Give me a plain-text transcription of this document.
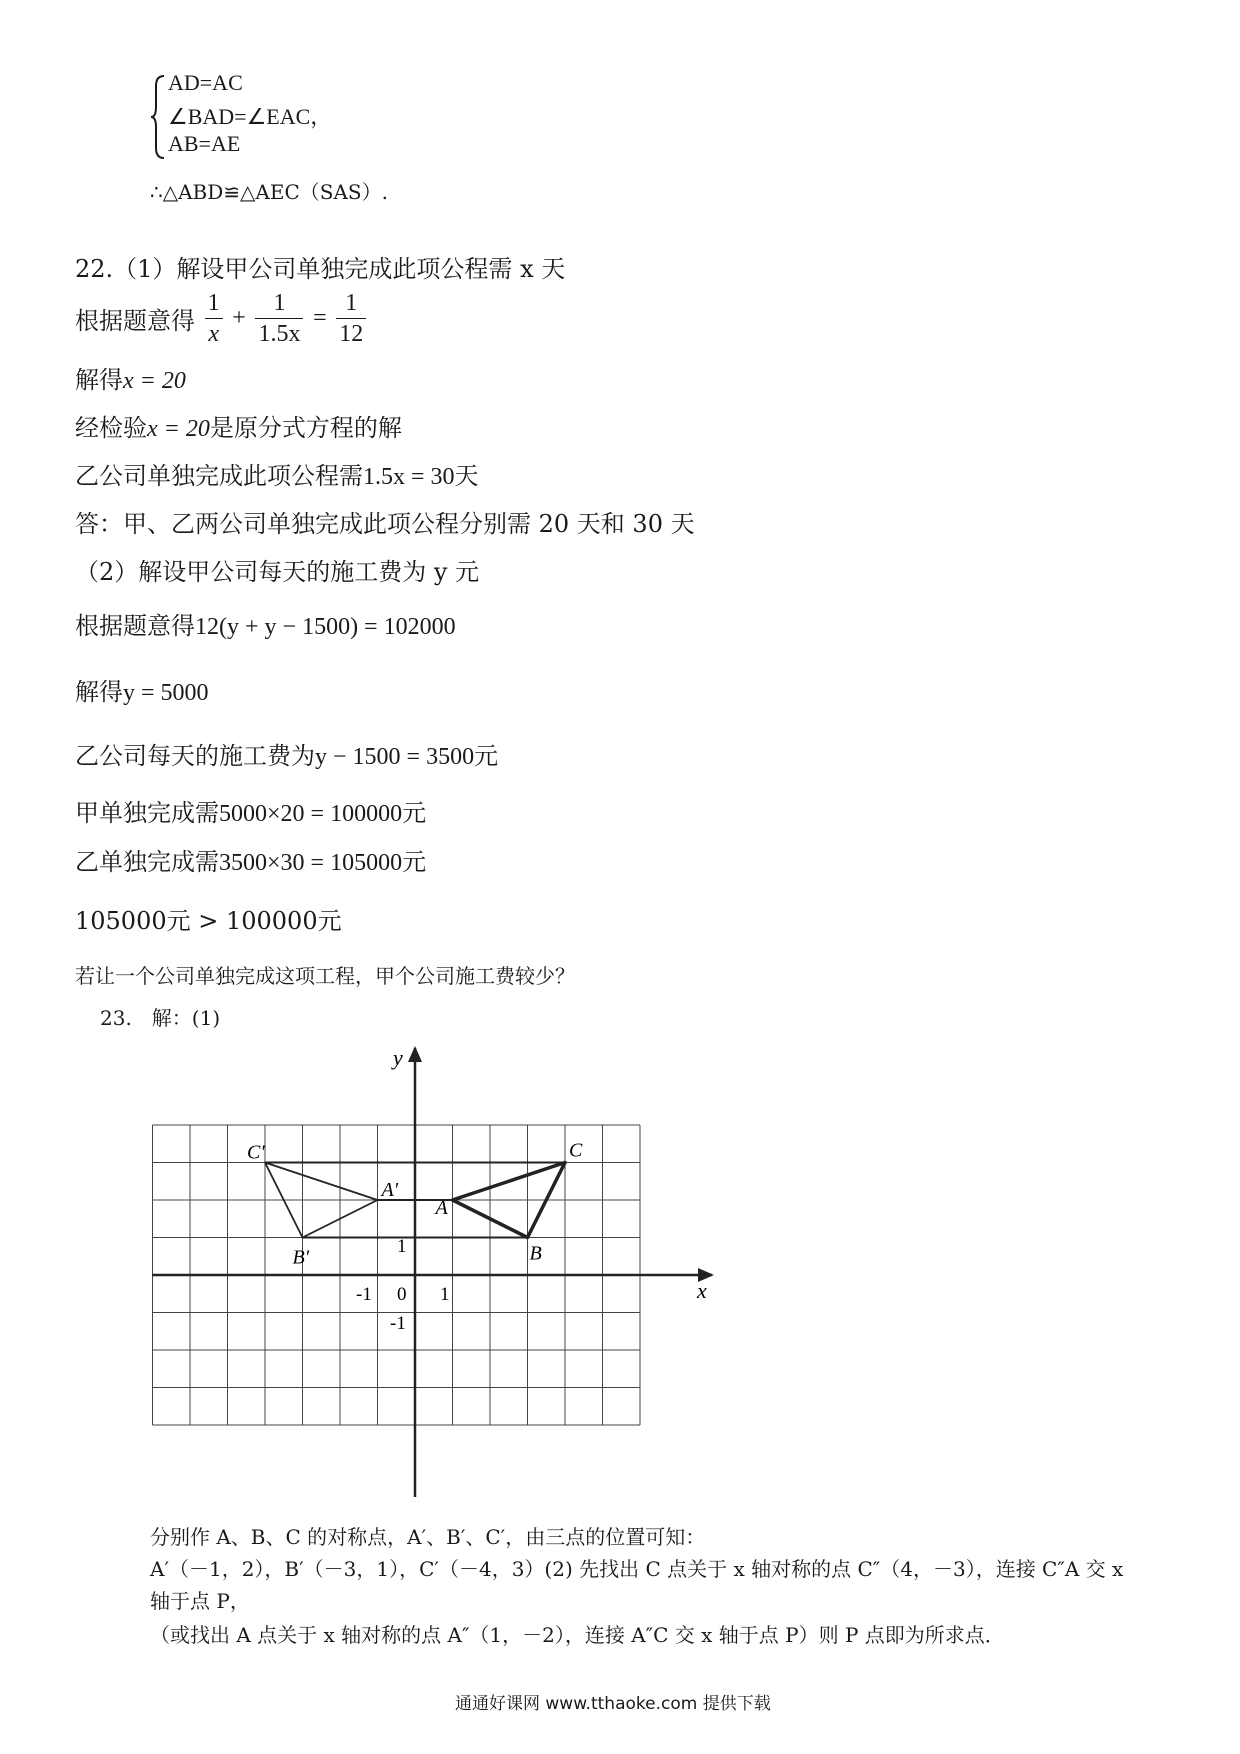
AD=AC
∠BAD=∠EAC，
AB=AE
∴△ABD≌△AEC（SAS）.
22.（1）解设甲公司单独完成此项公程需 x 天
根据题意得 $\frac{1}{x} + \frac{1}{1.5x} = \frac{1}{12}$
解得x = 20
经检验x = 20是原分式方程的解
乙公司单独完成此项公程需1.5x = 30天
答：甲、乙两公司单独完成此项公程分别需 20 天和 30 天
（2）解设甲公司每天的施工费为 y 元
根据题意得12(y + y − 1500) = 102000
解得y = 5000
乙公司每天的施工费为y − 1500 = 3500元
甲单独完成需5000×20 = 100000元
乙单独完成需3500×30 = 105000元
105000元 > 100000元
若让一个公司单独完成这项工程，甲个公司施工费较少？
23.　解：(1)
x
y
0
-1	1
1
-1
A
B
C
A′
B′
C′
分别作 A、B、C 的对称点，A′、B′、C′，由三点的位置可知：
A′（－1，2），B′（－3，1），C′（－4，3）(2) 先找出 C 点关于 x 轴对称的点 C″（4，－3），连接 C″A 交 x
轴于点 P，
（或找出 A 点关于 x 轴对称的点 A″（1，－2），连接 A″C 交 x 轴于点 P）则 P 点即为所求点．
通通好课网 www.tthaoke.com 提供下载
